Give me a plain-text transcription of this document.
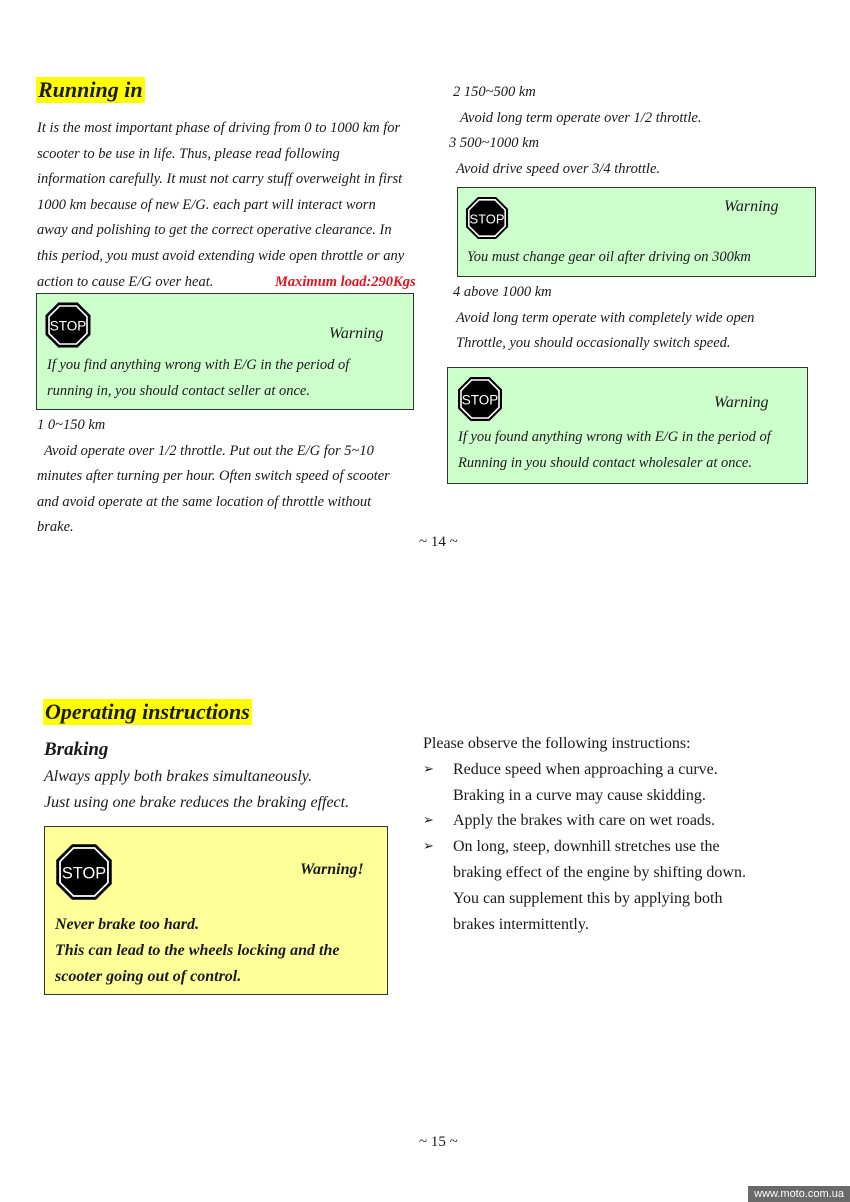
Running in
It is the most important phase of driving from 0 to 1000 km for
scooter to be use in life. Thus, please read following
information carefully. It must not carry stuff overweight in first
1000 km because of new E/G. each part will interact worn
away and polishing to get the correct operative clearance. In
this period, you must avoid extending wide open throttle or any
action to cause E/G over heat.	Maximum load:290Kgs
STOP	Warning
If you find anything wrong with E/G in the period of
running in, you should contact seller at once.
1 0~150 km
Avoid operate over 1/2 throttle. Put out the E/G for 5~10
minutes after turning per hour. Often switch speed of scooter
and avoid operate at the same location of throttle without
brake.
2 150~500 km
Avoid long term operate over 1/2 throttle.
3 500~1000 km
Avoid drive speed over 3/4 throttle.
STOP
Warning
You must change gear oil after driving on 300km
4 above 1000 km
Avoid long term operate with completely wide open
Throttle, you should occasionally switch speed.
STOP	Warning
If you found anything wrong with E/G in the period of
Running in you should contact wholesaler at once.
~ 14 ~
Operating instructions
Braking
Always apply both brakes simultaneously.
Just using one brake reduces the braking effect.
STOP	Warning!
Never brake too hard.
This can lead to the wheels locking and the
scooter going out of control.
Please observe the following instructions:
➢	Reduce speed when approaching a curve.
Braking in a curve may cause skidding.
➢	Apply the brakes with care on wet roads.
➢	On long, steep, downhill stretches use the
braking effect of the engine by shifting down.
You can supplement this by applying both
brakes intermittently.
~ 15 ~
www.moto.com.ua
